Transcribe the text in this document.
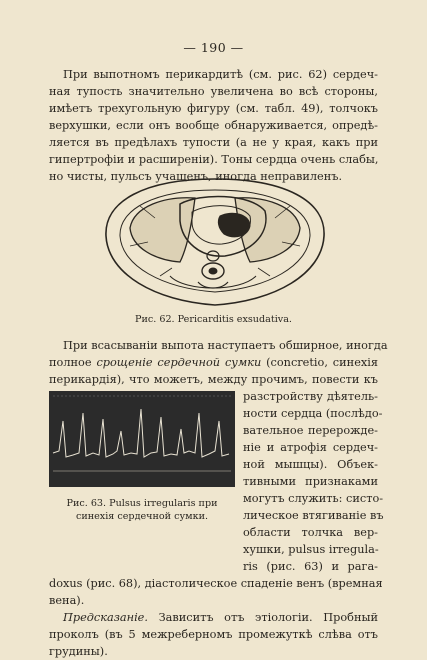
— 190 —
При выпотномъ перикардитѣ (см. рис. 62) сердеч-
ная тупость значительно увеличена во всѣ стороны,
имѣетъ трехугольную фигуру (см. табл. 49), толчокъ
верхушки, если онъ вообще обнаруживается, опредѣ-
ляется въ предѣлахъ тупости (а не у края, какъ при
гипертрофіи и расширеніи). Тоны сердца очень слабы,
но чисты, пульсъ учащенъ, иногда неправиленъ.
Рис. 62. Pericarditis exsudativa.
При всасываніи выпота наступаетъ обширное, иногда
полное срощеніе сердечной сумки (concretio, синехія
перикардія), что можетъ, между прочимъ, повести къ
Рис. 63. Pulsus irregularis при
синехія сердечной сумки.
разстройству дѣятель-
ности сердца (послѣдо-
вательное перерожде-
ніе и атрофія сердеч-
ной мышцы). Объек-
тивными признаками
могутъ служить: систо-
лическое втягиваніе въ
области толчка вер-
хушки, pulsus irregula-
ris (рис. 63) и рага-
doxus (рис. 68), діастолическое спаденіе венъ (времная
вена).
Предсказаніе. Зависитъ отъ этіологіи. Пробный
проколъ (въ 5 межреберномъ промежуткѣ слѣва отъ
грудины).
